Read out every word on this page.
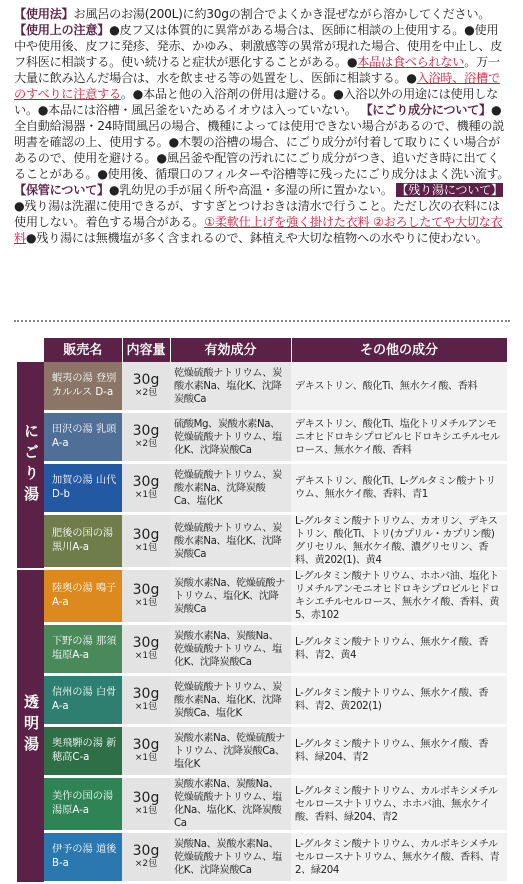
【使用法】お風呂のお湯(200L)に約30gの割合でよくかき混ぜながら溶かしてください。 【使用上の注意】●皮フ又は体質的に異常がある場合は、医師に相談の上使用する。●使用中や使用後、皮フに発疹、発赤、かゆみ、刺激感等の異常が現れた場合、使用を中止し、皮フ科医に相談する。使い続けると症状が悪化することがある。●本品は食べられない。万一大量に飲み込んだ場合は、水を飲ませる等の処置をし、医師に相談する。●入浴時、浴槽でのすべりに注意する。●本品と他の入浴剤の併用は避ける。●入浴以外の用途には使用しない。●本品には浴槽・風呂釜をいためるイオウは入っていない。 【にごり成分について】●全自動給湯器・24時間風呂の場合、機種によっては使用できない場合があるので、機種の説明書を確認の上、使用する。●木製の浴槽の場合、にごり成分が付着して取りにくい場合があるので、使用を避ける。●風呂釜や配管の汚れににごり成分がつき、追いだき時に出てくることがある。●使用後、循環口のフィルターや浴槽等に残ったにごり成分はよく洗い流す。 【保管について】●乳幼児の手が届く所や高温・多湿の所に置かない。 【残り湯について】●残り湯は洗濯に使用できるが、すすぎとつけおきは清水で行うこと。ただし次の衣料には使用しない。着色する場合がある。①柔軟仕上げを強く掛けた衣料 ②おろしたてや大切な衣料●残り湯には無機塩が多く含まれるので、鉢植えや大切な植物への水やりに使わない。

	販売名	内容量	有効成分	その他の成分
にごり湯	蝦夷の湯 登別カルルス D-a	30g
×2包	乾燥硫酸ナトリウム、炭酸水素Na、塩化K、沈降炭酸Ca	デキストリン、酸化Ti、無水ケイ酸、香料
	田沢の湯 乳頭A-a	30g
×2包	硫酸Mg、炭酸水素Na、乾燥硫酸ナトリウム、塩化K、沈降炭酸Ca	デキストリン、酸化Ti、塩化トリメチルアンモニオヒドロキシプロピルヒドロキシエチルセルロース、無水ケイ酸、香料
	加賀の湯 山代D-b	30g
×1包	乾燥硫酸ナトリウム、炭酸水素Na、沈降炭酸Ca、塩化K	デキストリン、酸化Ti、L-グルタミン酸ナトリウム、無水ケイ酸、香料、青1
	肥後の国の湯 黒川A-a	30g
×1包	乾燥硫酸ナトリウム、炭酸水素Na、塩化K、沈降炭酸Ca	L-グルタミン酸ナトリウム、カオリン、デキストリン、酸化Ti、トリ(カプリル・カプリン酸)グリセリル、無水ケイ酸、濃グリセリン、香料、黄202(1)、黄4
透明湯	陸奥の湯 鳴子A-a	30g
×1包	炭酸水素Na、乾燥硫酸ナトリウム、塩化K、沈降炭酸Ca	L-グルタミン酸ナトリウム、ホホバ油、塩化トリメチルアンモニオヒドロキシプロピルヒドロキシエチルセルロース、無水ケイ酸、香料、黄5、赤102
	下野の湯 那須塩原A-a	30g
×1包	炭酸水素Na、炭酸Na、乾燥硫酸ナトリウム、塩化K、沈降炭酸Ca	L-グルタミン酸ナトリウム、無水ケイ酸、香料、青2、黄4
	信州の湯 白骨A-a	30g
×1包	乾燥硫酸ナトリウム、炭酸水素Na、塩化K、沈降炭酸Ca、塩化K	L-グルタミン酸ナトリウム、無水ケイ酸、香料、青2、黄202(1)
	奥飛騨の湯 新穂高C-a	30g
×1包	炭酸水素Na、乾燥硫酸ナトリウム、沈降炭酸Ca、塩化K	L-グルタミン酸ナトリウム、無水ケイ酸、香料、緑204、青2
	美作の国の湯 湯原A-a	30g
×1包	炭酸水素Na、炭酸Na、乾燥硫酸ナトリウム、塩化Na、塩化K、沈降炭酸Ca	L-グルタミン酸ナトリウム、カルボキシメチルセルロースナトリウム、ホホバ油、無水ケイ酸、香料、緑204、青2
	伊予の湯 道後B-a	30g
×2包	炭酸Na、炭酸水素Na、乾燥硫酸ナトリウム、塩化K、沈降炭酸Ca	L-グルタミン酸ナトリウム、カルボキシメチルセルロースナトリウム、無水ケイ酸、香料、青2、緑204
